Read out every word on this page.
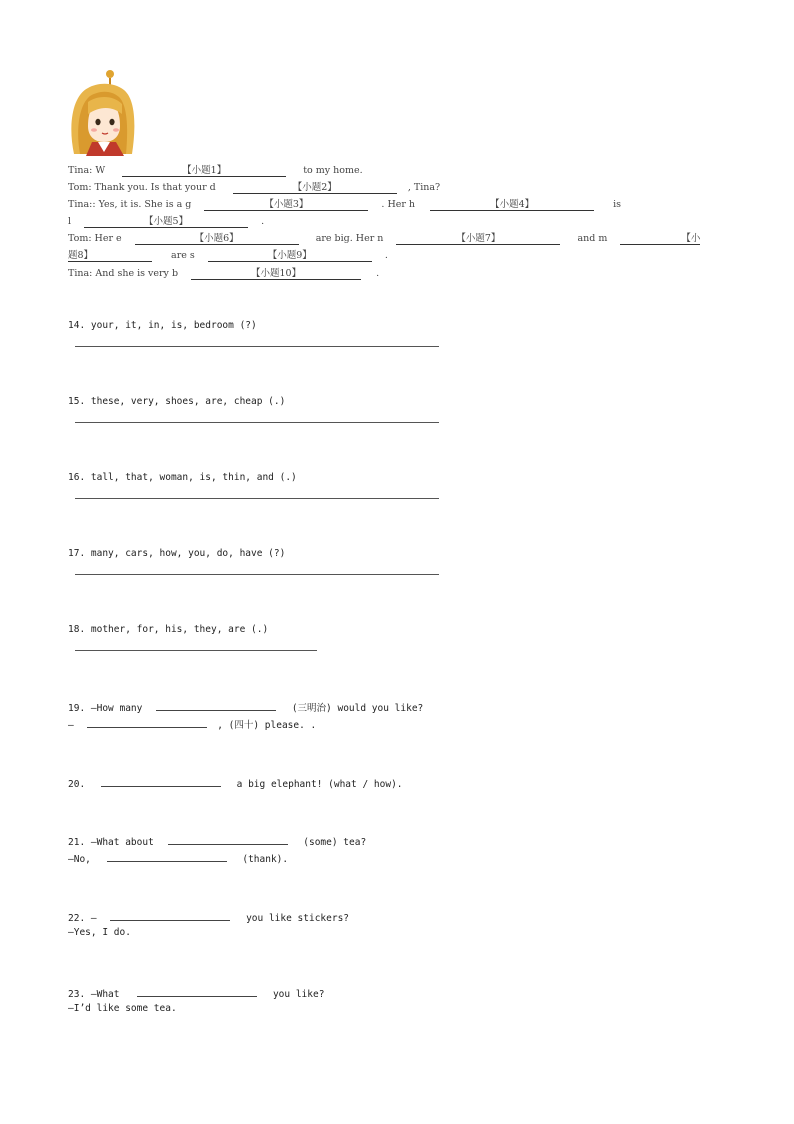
Tina: W	【小题1】	to my home.
Tom: Thank you. Is that your d	【小题2】	, Tina?
Tina:: Yes, it is. She is a g	【小题3】	. Her h	【小题4】	is
l	【小题5】	.
Tom: Her e	【小题6】	are big. Her n	【小题7】	and m	【小
题8】	are s	【小题9】	.
Tina: And she is very b	【小题10】	.
14. your, it, in, is, bedroom (?)
15. these, very, shoes, are, cheap (.)
16. tall, that, woman, is, thin, and (.)
17. many, cars, how, you, do, have (?)
18. mother, for, his, they, are (.)
19. —How many	(三明治) would you like?
—	, (四十) please. .
20.	a big elephant! (what / how).
21. —What about	(some) tea?
—No,	(thank).
22. —	you like stickers?
—Yes, I do.
23. —What	you like?
—I’d like some tea.
